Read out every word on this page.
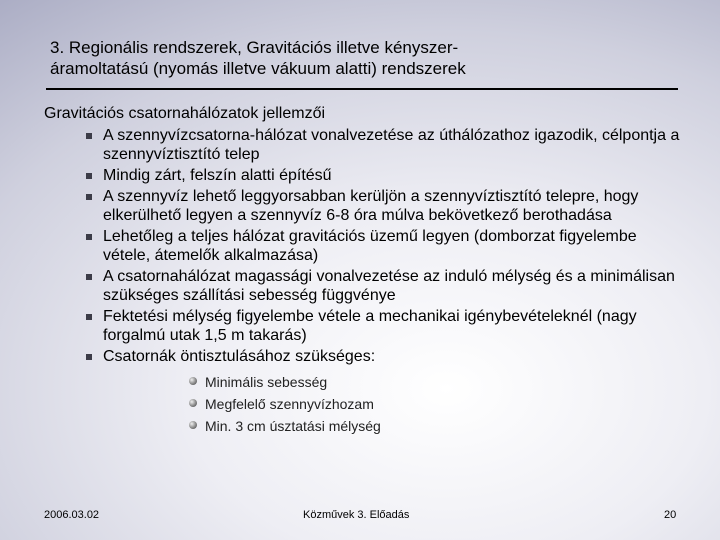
3. Regionális rendszerek, Gravitációs illetve kényszer-
áramoltatású (nyomás illetve vákuum alatti) rendszerek
Gravitációs csatornahálózatok jellemzői
A szennyvízcsatorna-hálózat vonalvezetése az úthálózathoz igazodik, célpontja a szennyvíztisztító telep
Mindig zárt, felszín alatti építésű
A szennyvíz lehető leggyorsabban kerüljön a szennyvíztisztító telepre, hogy elkerülhető legyen a szennyvíz 6-8 óra múlva bekövetkező berothadása
Lehetőleg a teljes hálózat gravitációs üzemű legyen (domborzat figyelembe vétele, átemelők alkalmazása)
A csatornahálózat magassági vonalvezetése az induló mélység és a minimálisan szükséges szállítási sebesség függvénye
Fektetési mélység figyelembe vétele a mechanikai igénybevételeknél (nagy forgalmú utak 1,5 m takarás)
Csatornák öntisztulásához szükséges:
Minimális sebesség
Megfelelő szennyvízhozam
Min. 3 cm úsztatási mélység
2006.03.02	Közművek 3. Előadás	20
